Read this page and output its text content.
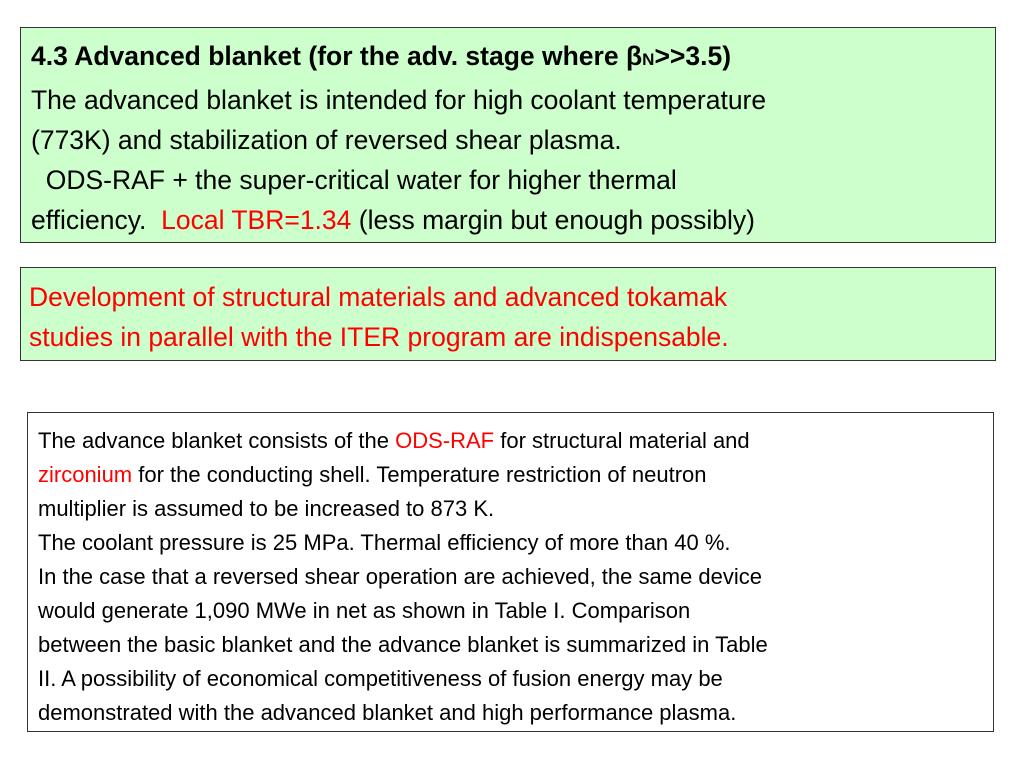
4.3 Advanced blanket (for the adv. stage where βN>>3.5)
The advanced blanket is intended for high coolant temperature
(773K) and stabilization of reversed shear plasma.
ODS-RAF + the super-critical water for higher thermal
efficiency.  Local TBR=1.34 (less margin but enough possibly)
Development of structural materials and advanced tokamak
studies in parallel with the ITER program are indispensable.
The advance blanket consists of the ODS-RAF for structural material and
zirconium for the conducting shell. Temperature restriction of neutron
multiplier is assumed to be increased to 873 K.
The coolant pressure is 25 MPa. Thermal efficiency of more than 40 %.
In the case that a reversed shear operation are achieved, the same device
would generate 1,090 MWe in net as shown in Table I. Comparison
between the basic blanket and the advance blanket is summarized in Table
II. A possibility of economical competitiveness of fusion energy may be
demonstrated with the advanced blanket and high performance plasma.
